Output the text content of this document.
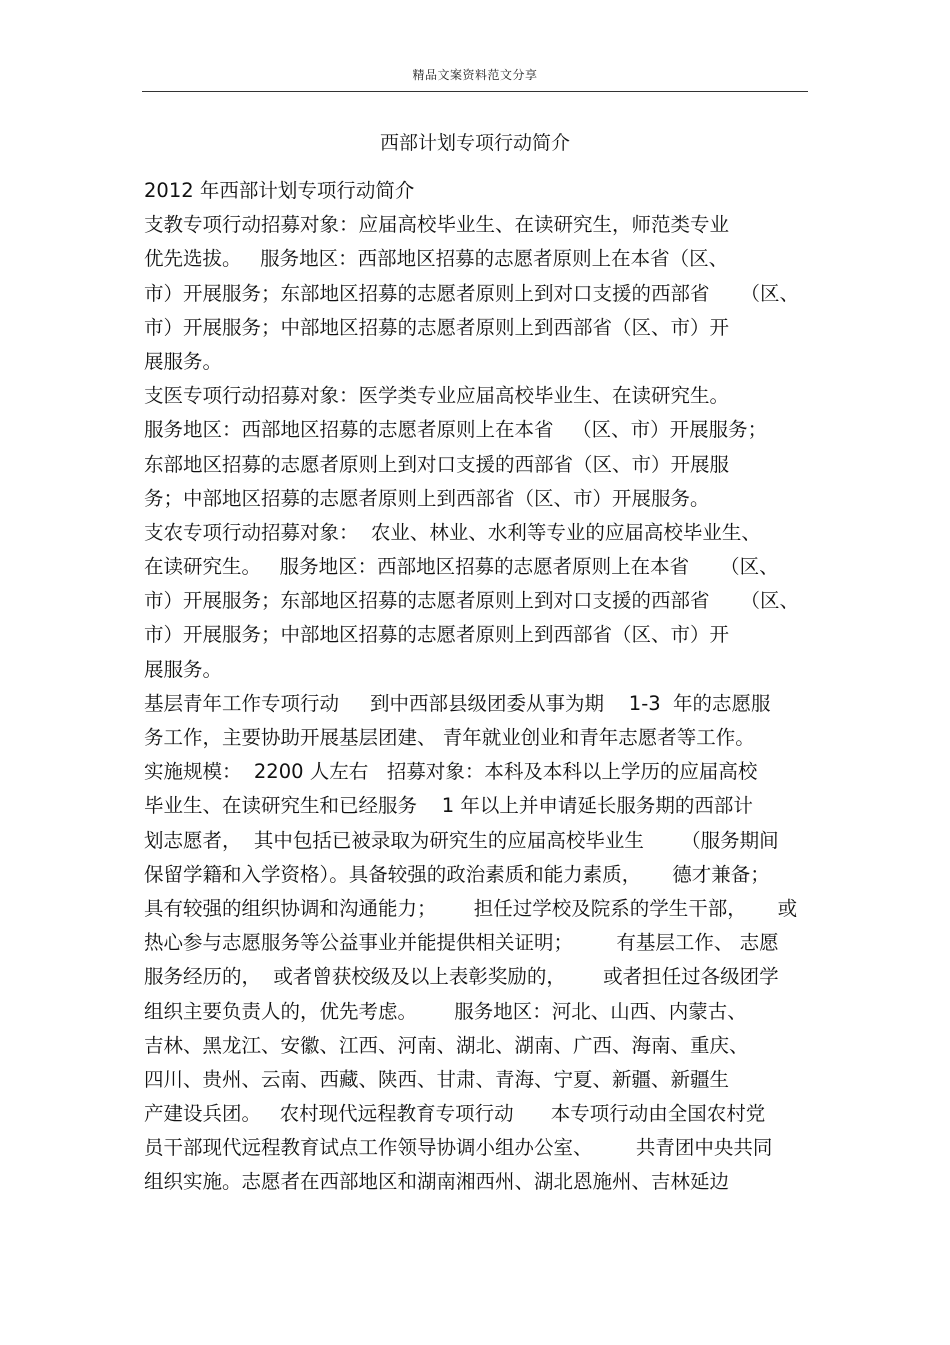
精品文案资料范文分享
西部计划专项行动简介
2012 年西部计划专项行动简介
支教专项行动招募对象：应届高校毕业生、在读研究生，师范类专业
优先选拔。   服务地区：西部地区招募的志愿者原则上在本省（区、
市）开展服务；东部地区招募的志愿者原则上到对口支援的西部省     （区、
市）开展服务；中部地区招募的志愿者原则上到西部省（区、市）开
展服务。
支医专项行动招募对象：医学类专业应届高校毕业生、在读研究生。
服务地区：西部地区招募的志愿者原则上在本省   （区、市）开展服务；
东部地区招募的志愿者原则上到对口支援的西部省（区、市）开展服
务；中部地区招募的志愿者原则上到西部省（区、市）开展服务。
支农专项行动招募对象：  农业、林业、水利等专业的应届高校毕业生、
在读研究生。   服务地区：西部地区招募的志愿者原则上在本省     （区、
市）开展服务；东部地区招募的志愿者原则上到对口支援的西部省     （区、
市）开展服务；中部地区招募的志愿者原则上到西部省（区、市）开
展服务。
基层青年工作专项行动     到中西部县级团委从事为期    1-3  年的志愿服
务工作，主要协助开展基层团建、 青年就业创业和青年志愿者等工作。
实施规模：  2200 人左右   招募对象：本科及本科以上学历的应届高校
毕业生、在读研究生和已经服务    1 年以上并申请延长服务期的西部计
划志愿者，  其中包括已被录取为研究生的应届高校毕业生      （服务期间
保留学籍和入学资格）。具备较强的政治素质和能力素质，     德才兼备；
具有较强的组织协调和沟通能力；      担任过学校及院系的学生干部，     或
热心参与志愿服务等公益事业并能提供相关证明；       有基层工作、 志愿
服务经历的，  或者曾获校级及以上表彰奖励的，      或者担任过各级团学
组织主要负责人的，优先考虑。      服务地区：河北、山西、内蒙古、
吉林、黑龙江、安徽、江西、河南、湖北、湖南、广西、海南、重庆、
四川、贵州、云南、西藏、陕西、甘肃、青海、宁夏、新疆、新疆生
产建设兵团。   农村现代远程教育专项行动      本专项行动由全国农村党
员干部现代远程教育试点工作领导协调小组办公室、       共青团中央共同
组织实施。志愿者在西部地区和湖南湘西州、湖北恩施州、吉林延边
